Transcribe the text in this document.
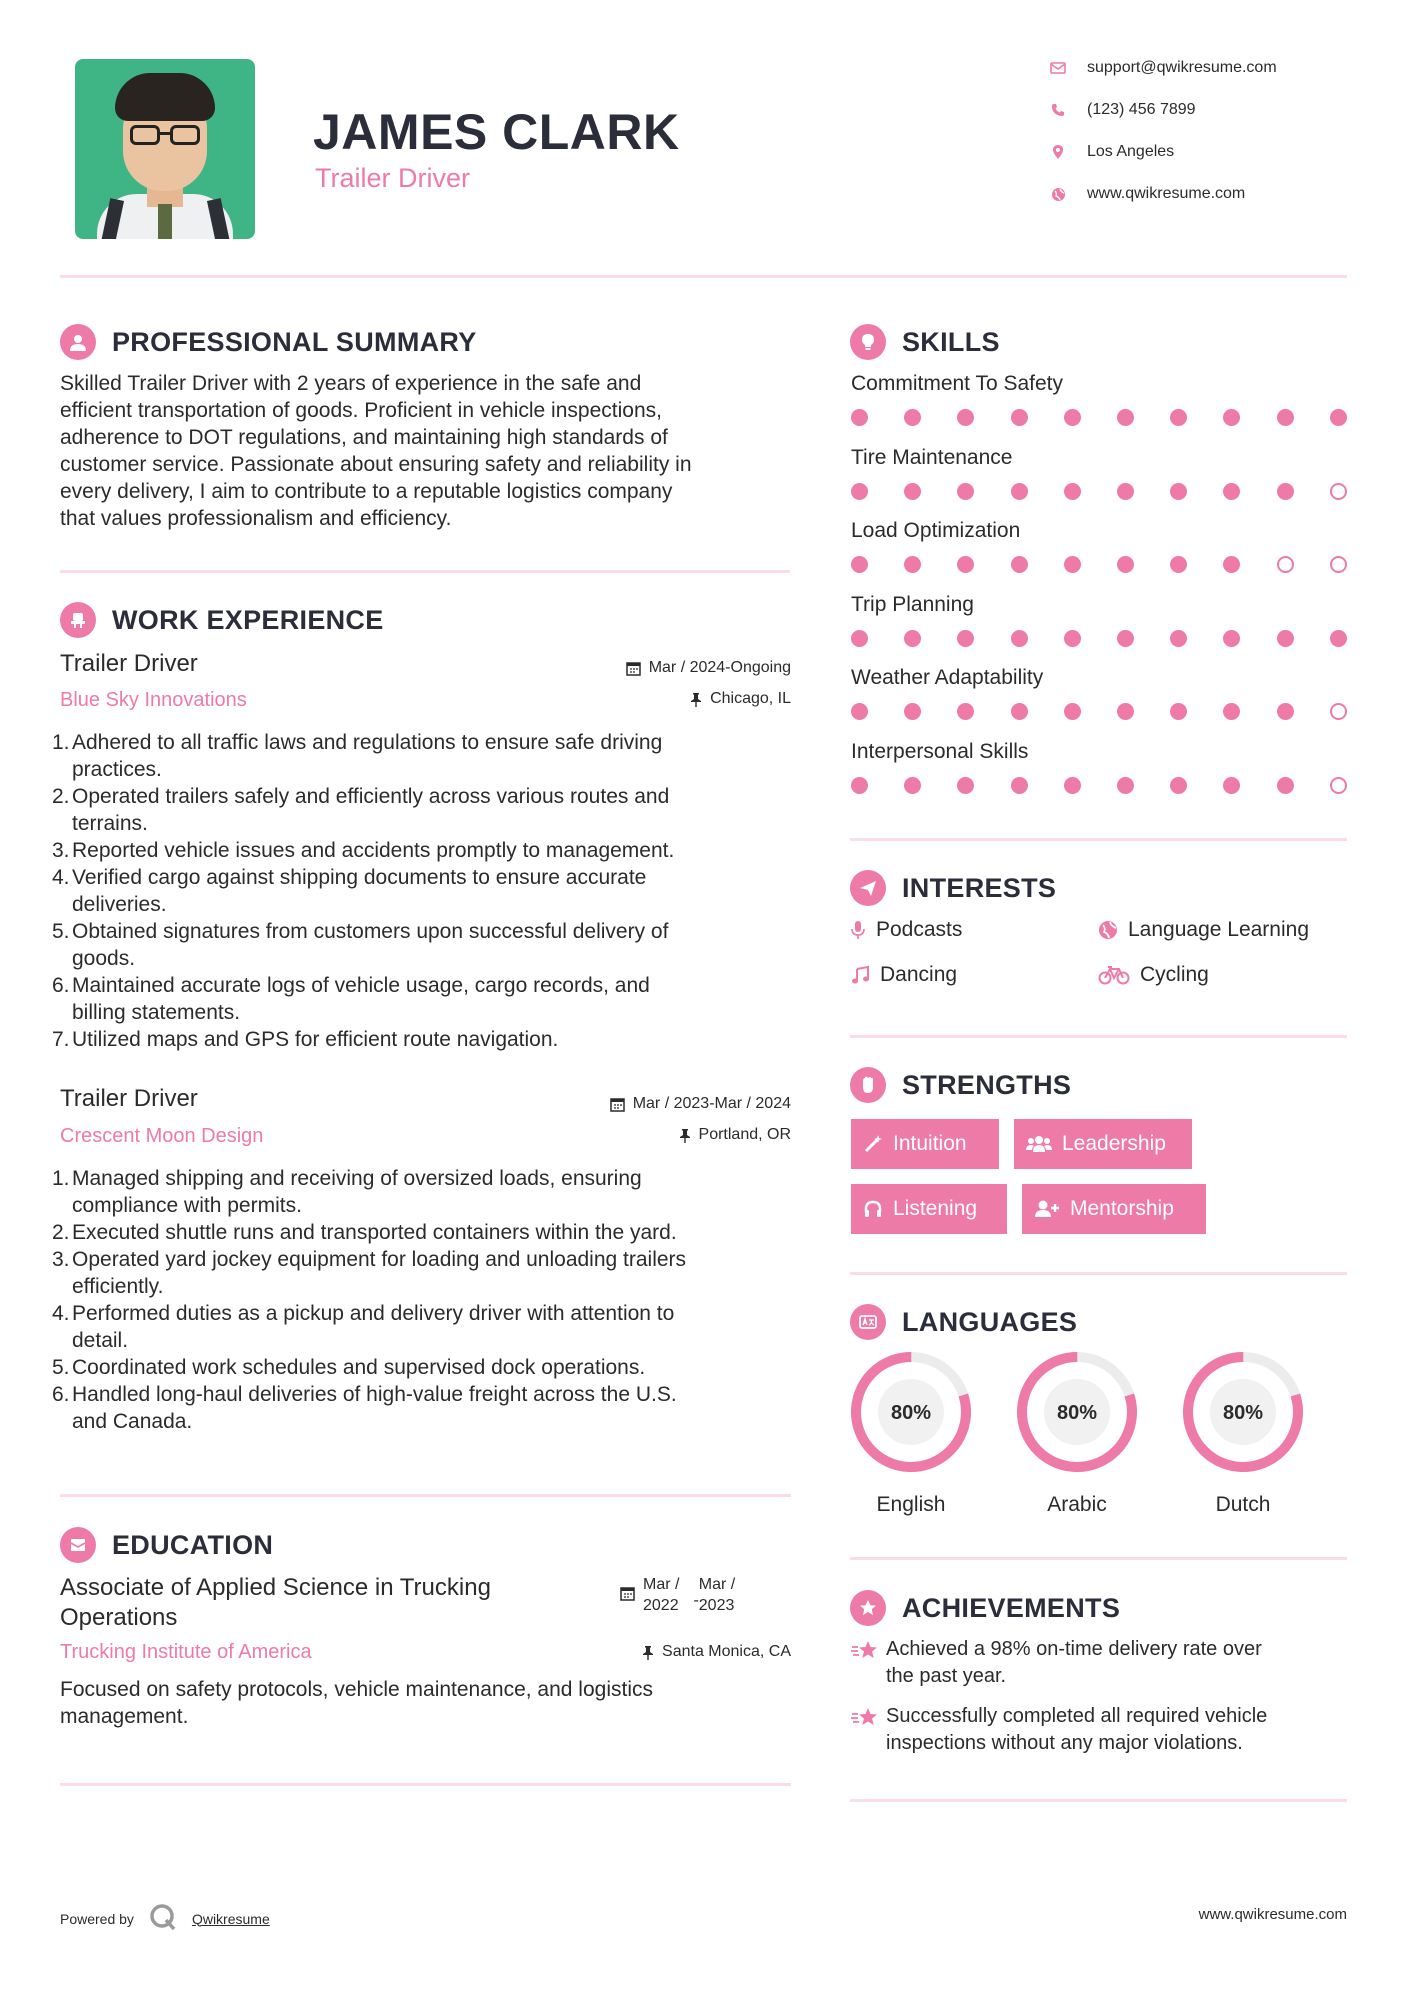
JAMES CLARK
Trailer Driver
support@qwikresume.com
(123) 456 7899
Los Angeles
www.qwikresume.com
PROFESSIONAL SUMMARY
Skilled Trailer Driver with 2 years of experience in the safe and
efficient transportation of goods. Proficient in vehicle inspections,
adherence to DOT regulations, and maintaining high standards of
customer service. Passionate about ensuring safety and reliability in
every delivery, I aim to contribute to a reputable logistics company
that values professionalism and efficiency.
WORK EXPERIENCE
Trailer Driver
Blue Sky Innovations
Mar / 2024-Ongoing
Chicago, IL
1. Adhered to all traffic laws and regulations to ensure safe driving
practices.
2. Operated trailers safely and efficiently across various routes and
terrains.
3. Reported vehicle issues and accidents promptly to management.
4. Verified cargo against shipping documents to ensure accurate
deliveries.
5. Obtained signatures from customers upon successful delivery of
goods.
6. Maintained accurate logs of vehicle usage, cargo records, and
billing statements.
7. Utilized maps and GPS for efficient route navigation.
Trailer Driver
Crescent Moon Design
Mar / 2023-Mar / 2024
Portland, OR
1. Managed shipping and receiving of oversized loads, ensuring
compliance with permits.
2. Executed shuttle runs and transported containers within the yard.
3. Operated yard jockey equipment for loading and unloading trailers
efficiently.
4. Performed duties as a pickup and delivery driver with attention to
detail.
5. Coordinated work schedules and supervised dock operations.
6. Handled long-haul deliveries of high-value freight across the U.S.
and Canada.
EDUCATION
Associate of Applied Science in Trucking
Operations
Mar /
2022 -
Mar /
2023
Trucking Institute of America	Santa Monica, CA
Focused on safety protocols, vehicle maintenance, and logistics
management.
SKILLS
Commitment To Safety
Tire Maintenance
Load Optimization
Trip Planning
Weather Adaptability
Interpersonal Skills
INTERESTS
Podcasts	Language Learning
Dancing	Cycling
STRENGTHS
Intuition	Leadership
Listening	Mentorship
LANGUAGES
80%
English
80%
Arabic
80%
Dutch
ACHIEVEMENTS
Achieved a 98% on-time delivery rate over
the past year.
Successfully completed all required vehicle
inspections without any major violations.
Powered by	Qwikresume	www.qwikresume.com
